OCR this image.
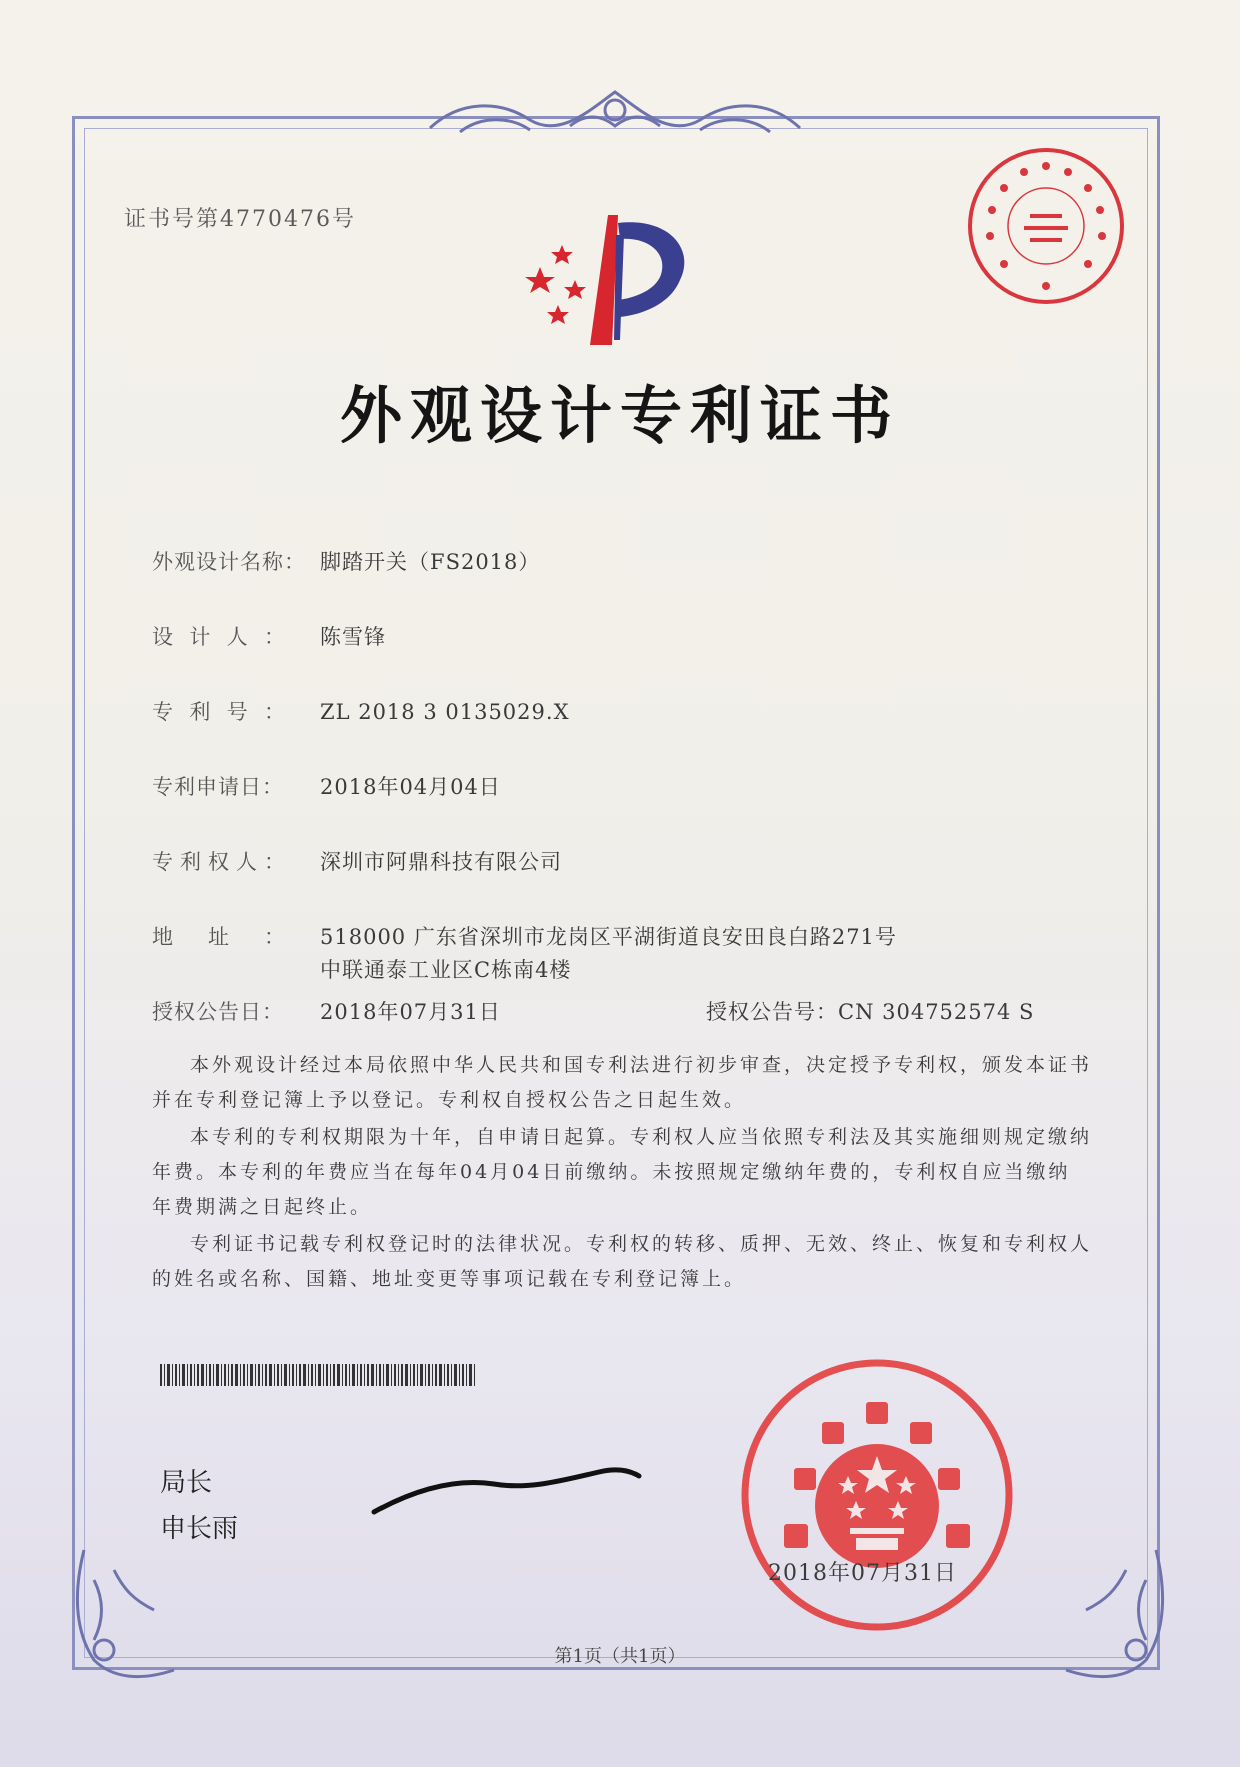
证书号第4770476号
外观设计专利证书
外观设计名称： 脚踏开关（FS2018）
设计人： 陈雪锋
专利号： ZL 2018 3 0135029.X
专利申请日： 2018年04月04日
专利权人： 深圳市阿鼎科技有限公司
地址： 518000 广东省深圳市龙岗区平湖街道良安田良白路271号
中联通泰工业区C栋南4楼
授权公告日： 2018年07月31日	授权公告号：CN 304752574 S

本外观设计经过本局依照中华人民共和国专利法进行初步审查，决定授予专利权，颁发本证书并在专利登记簿上予以登记。专利权自授权公告之日起生效。

本专利的专利权期限为十年，自申请日起算。专利权人应当依照专利法及其实施细则规定缴纳年费。本专利的年费应当在每年04月04日前缴纳。未按照规定缴纳年费的，专利权自应当缴纳年费期满之日起终止。

专利证书记载专利权登记时的法律状况。专利权的转移、质押、无效、终止、恢复和专利权人的姓名或名称、国籍、地址变更等事项记载在专利登记簿上。

局长
申长雨
2018年07月31日
第1页（共1页）
